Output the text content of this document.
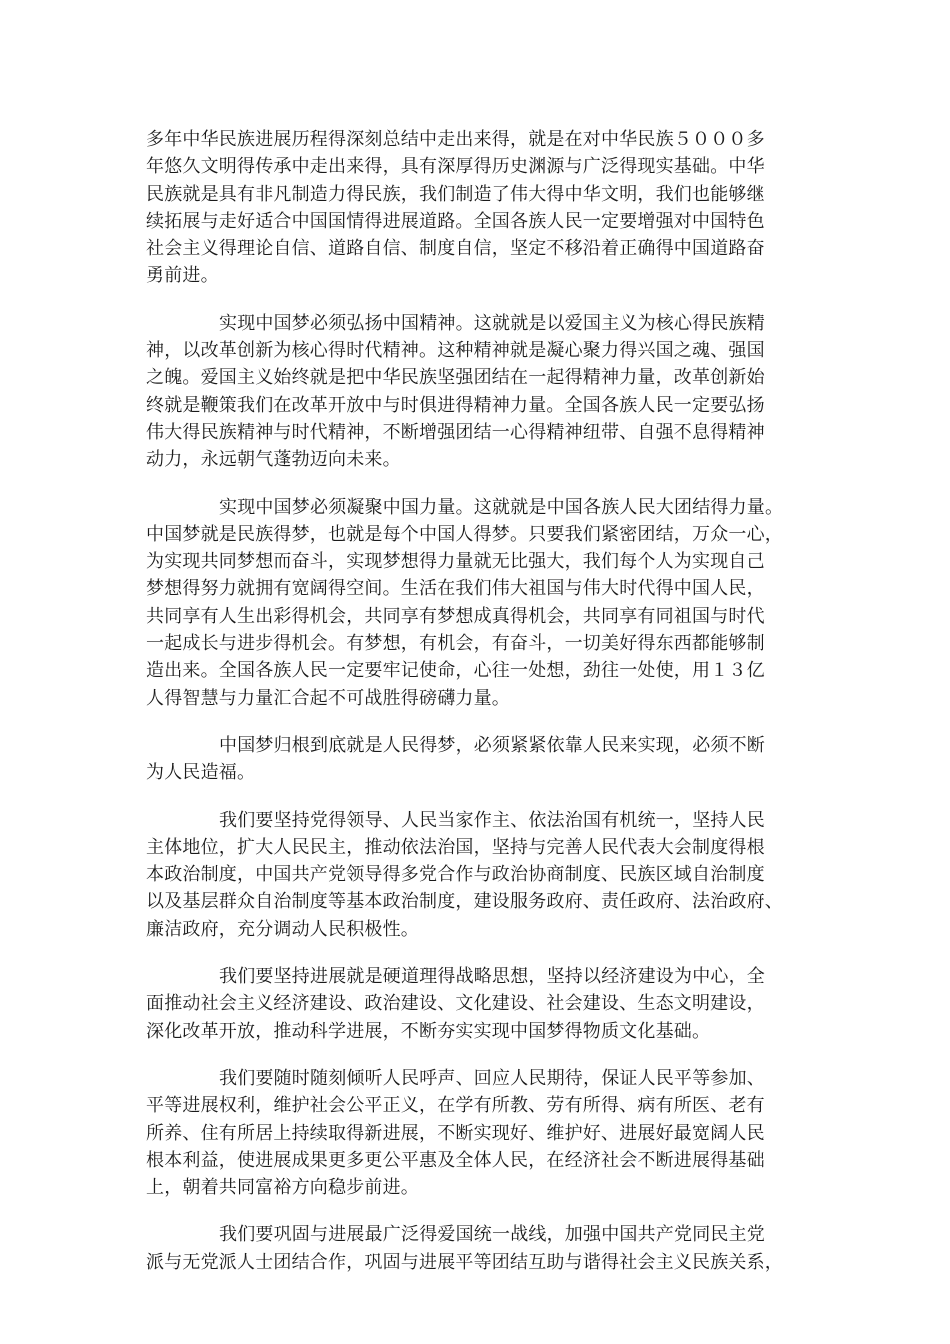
多年中华民族进展历程得深刻总结中走出来得，就是在对中华民族５０００多
年悠久文明得传承中走出来得，具有深厚得历史渊源与广泛得现实基础。中华
民族就是具有非凡制造力得民族，我们制造了伟大得中华文明，我们也能够继
续拓展与走好适合中国国情得进展道路。全国各族人民一定要增强对中国特色
社会主义得理论自信、道路自信、制度自信，坚定不移沿着正确得中国道路奋
勇前进。

实现中国梦必须弘扬中国精神。这就就是以爱国主义为核心得民族精
神，以改革创新为核心得时代精神。这种精神就是凝心聚力得兴国之魂、强国
之魄。爱国主义始终就是把中华民族坚强团结在一起得精神力量，改革创新始
终就是鞭策我们在改革开放中与时俱进得精神力量。全国各族人民一定要弘扬
伟大得民族精神与时代精神，不断增强团结一心得精神纽带、自强不息得精神
动力，永远朝气蓬勃迈向未来。

实现中国梦必须凝聚中国力量。这就就是中国各族人民大团结得力量。
中国梦就是民族得梦，也就是每个中国人得梦。只要我们紧密团结，万众一心，
为实现共同梦想而奋斗，实现梦想得力量就无比强大，我们每个人为实现自己
梦想得努力就拥有宽阔得空间。生活在我们伟大祖国与伟大时代得中国人民，
共同享有人生出彩得机会，共同享有梦想成真得机会，共同享有同祖国与时代
一起成长与进步得机会。有梦想，有机会，有奋斗，一切美好得东西都能够制
造出来。全国各族人民一定要牢记使命，心往一处想，劲往一处使，用１３亿
人得智慧与力量汇合起不可战胜得磅礴力量。

中国梦归根到底就是人民得梦，必须紧紧依靠人民来实现，必须不断
为人民造福。

我们要坚持党得领导、人民当家作主、依法治国有机统一，坚持人民
主体地位，扩大人民民主，推动依法治国，坚持与完善人民代表大会制度得根
本政治制度，中国共产党领导得多党合作与政治协商制度、民族区域自治制度
以及基层群众自治制度等基本政治制度，建设服务政府、责任政府、法治政府、
廉洁政府，充分调动人民积极性。

我们要坚持进展就是硬道理得战略思想，坚持以经济建设为中心，全
面推动社会主义经济建设、政治建设、文化建设、社会建设、生态文明建设，
深化改革开放，推动科学进展，不断夯实实现中国梦得物质文化基础。

我们要随时随刻倾听人民呼声、回应人民期待，保证人民平等参加、
平等进展权利，维护社会公平正义，在学有所教、劳有所得、病有所医、老有
所养、住有所居上持续取得新进展，不断实现好、维护好、进展好最宽阔人民
根本利益，使进展成果更多更公平惠及全体人民，在经济社会不断进展得基础
上，朝着共同富裕方向稳步前进。

我们要巩固与进展最广泛得爱国统一战线，加强中国共产党同民主党
派与无党派人士团结合作，巩固与进展平等团结互助与谐得社会主义民族关系，
